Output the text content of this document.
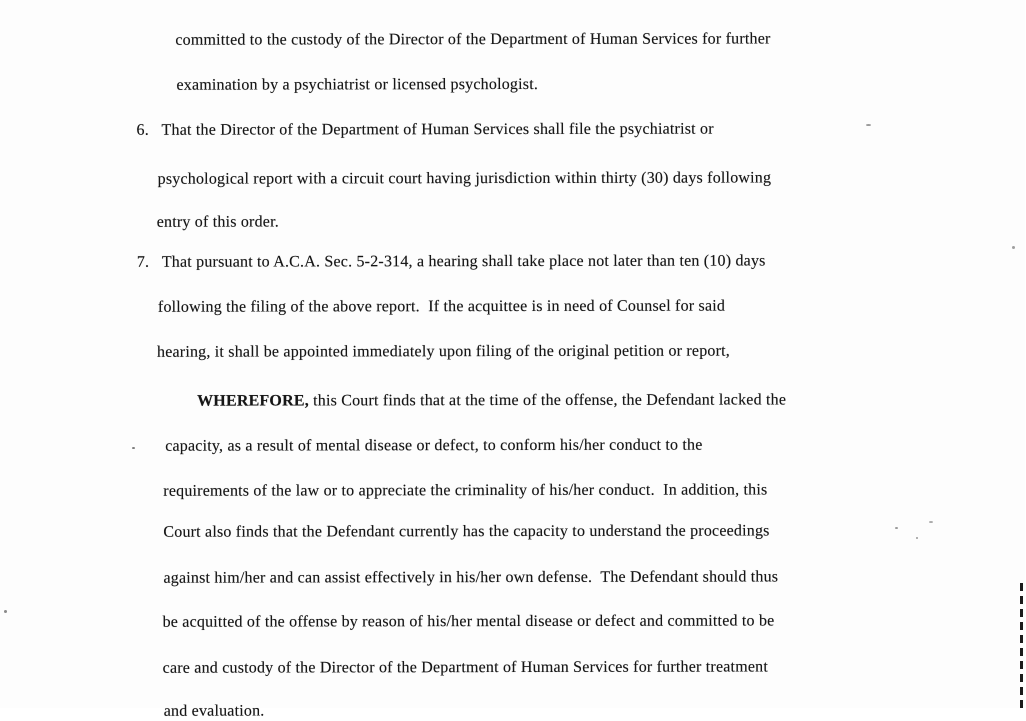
committed to the custody of the Director of the Department of Human Services for further
examination by a psychiatrist or licensed psychologist.
6. That the Director of the Department of Human Services shall file the psychiatrist or
psychological report with a circuit court having jurisdiction within thirty (30) days following
entry of this order.
7. That pursuant to A.C.A. Sec. 5-2-314, a hearing shall take place not later than ten (10) days
following the filing of the above report.  If the acquittee is in need of Counsel for said
hearing, it shall be appointed immediately upon filing of the original petition or report,
WHEREFORE, this Court finds that at the time of the offense, the Defendant lacked the
capacity, as a result of mental disease or defect, to conform his/her conduct to the
requirements of the law or to appreciate the criminality of his/her conduct.  In addition, this
Court also finds that the Defendant currently has the capacity to understand the proceedings
against him/her and can assist effectively in his/her own defense.  The Defendant should thus
be acquitted of the offense by reason of his/her mental disease or defect and committed to be
care and custody of the Director of the Department of Human Services for further treatment
and evaluation.
